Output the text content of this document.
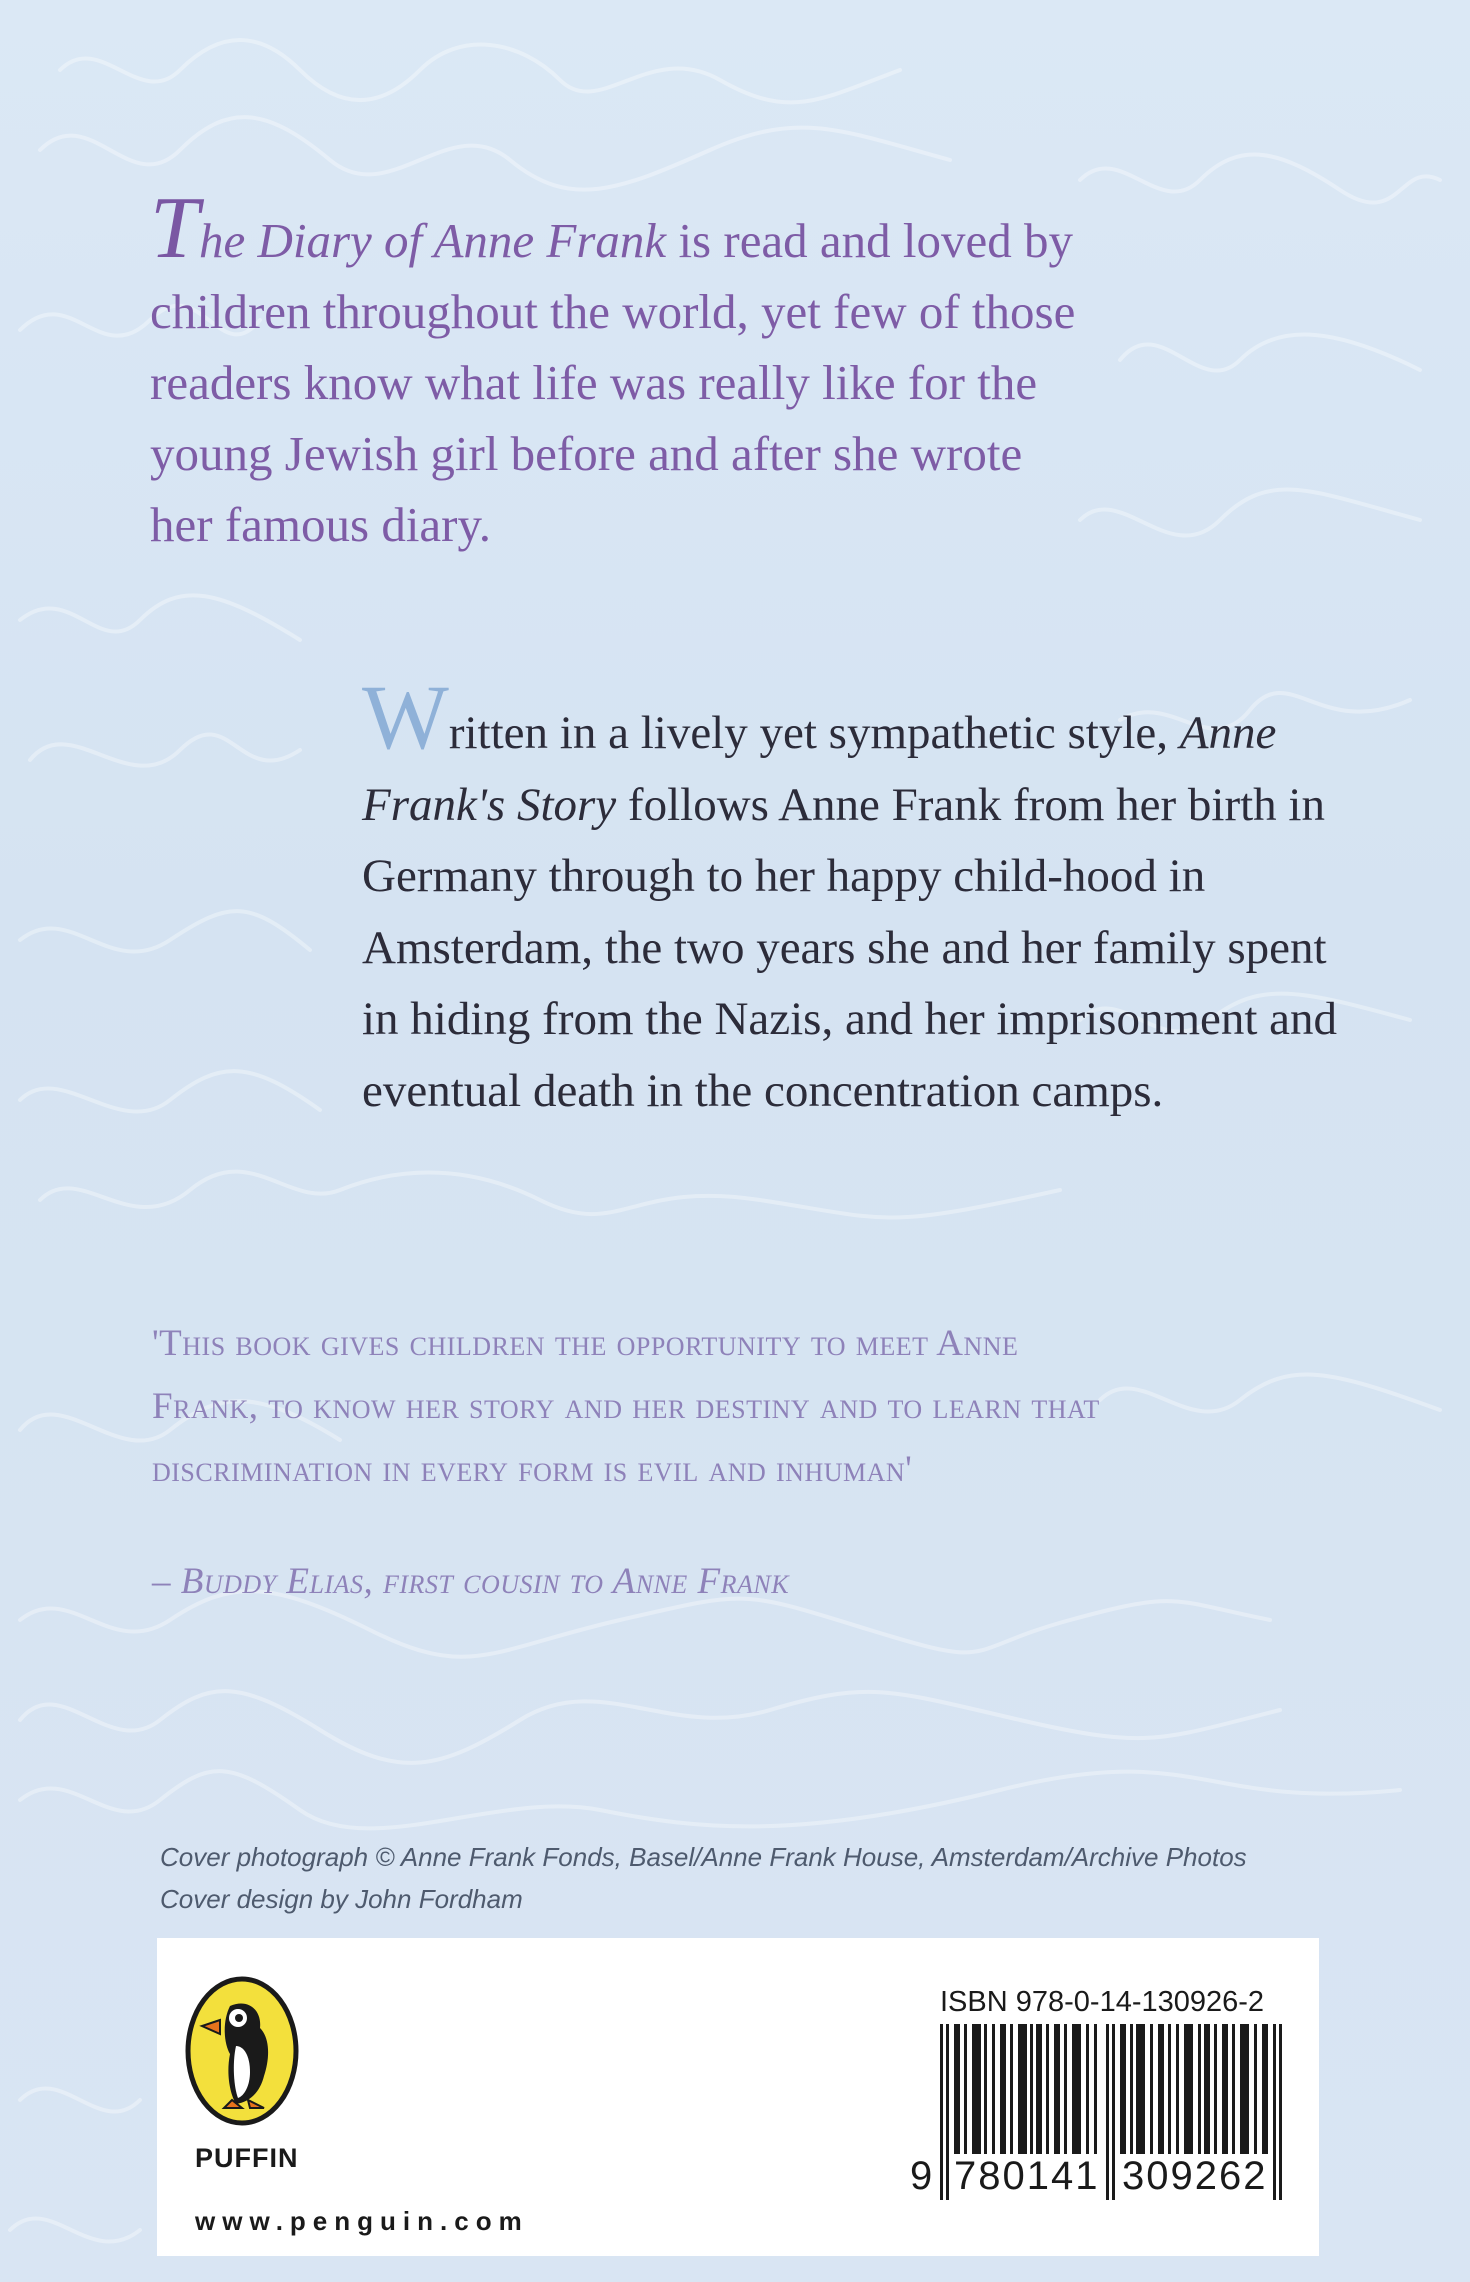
The Diary of Anne Frank is read and loved by children throughout the world, yet few of those readers know what life was really like for the young Jewish girl before and after she wrote her famous diary.

Written in a lively yet sympathetic style, Anne Frank's Story follows Anne Frank from her birth in Germany through to her happy child-hood in Amsterdam, the two years she and her family spent in hiding from the Nazis, and her imprisonment and eventual death in the concentration camps.

'This book gives children the opportunity to meet Anne Frank, to know her story and her destiny and to learn that discrimination in every form is evil and inhuman'

– Buddy Elias, first cousin to Anne Frank
Cover photograph © Anne Frank Fonds, Basel/Anne Frank House, Amsterdam/Archive Photos
Cover design by John Fordham
PUFFIN
www.penguin.com
ISBN 978-0-14-130926-2
9 780141 309262
